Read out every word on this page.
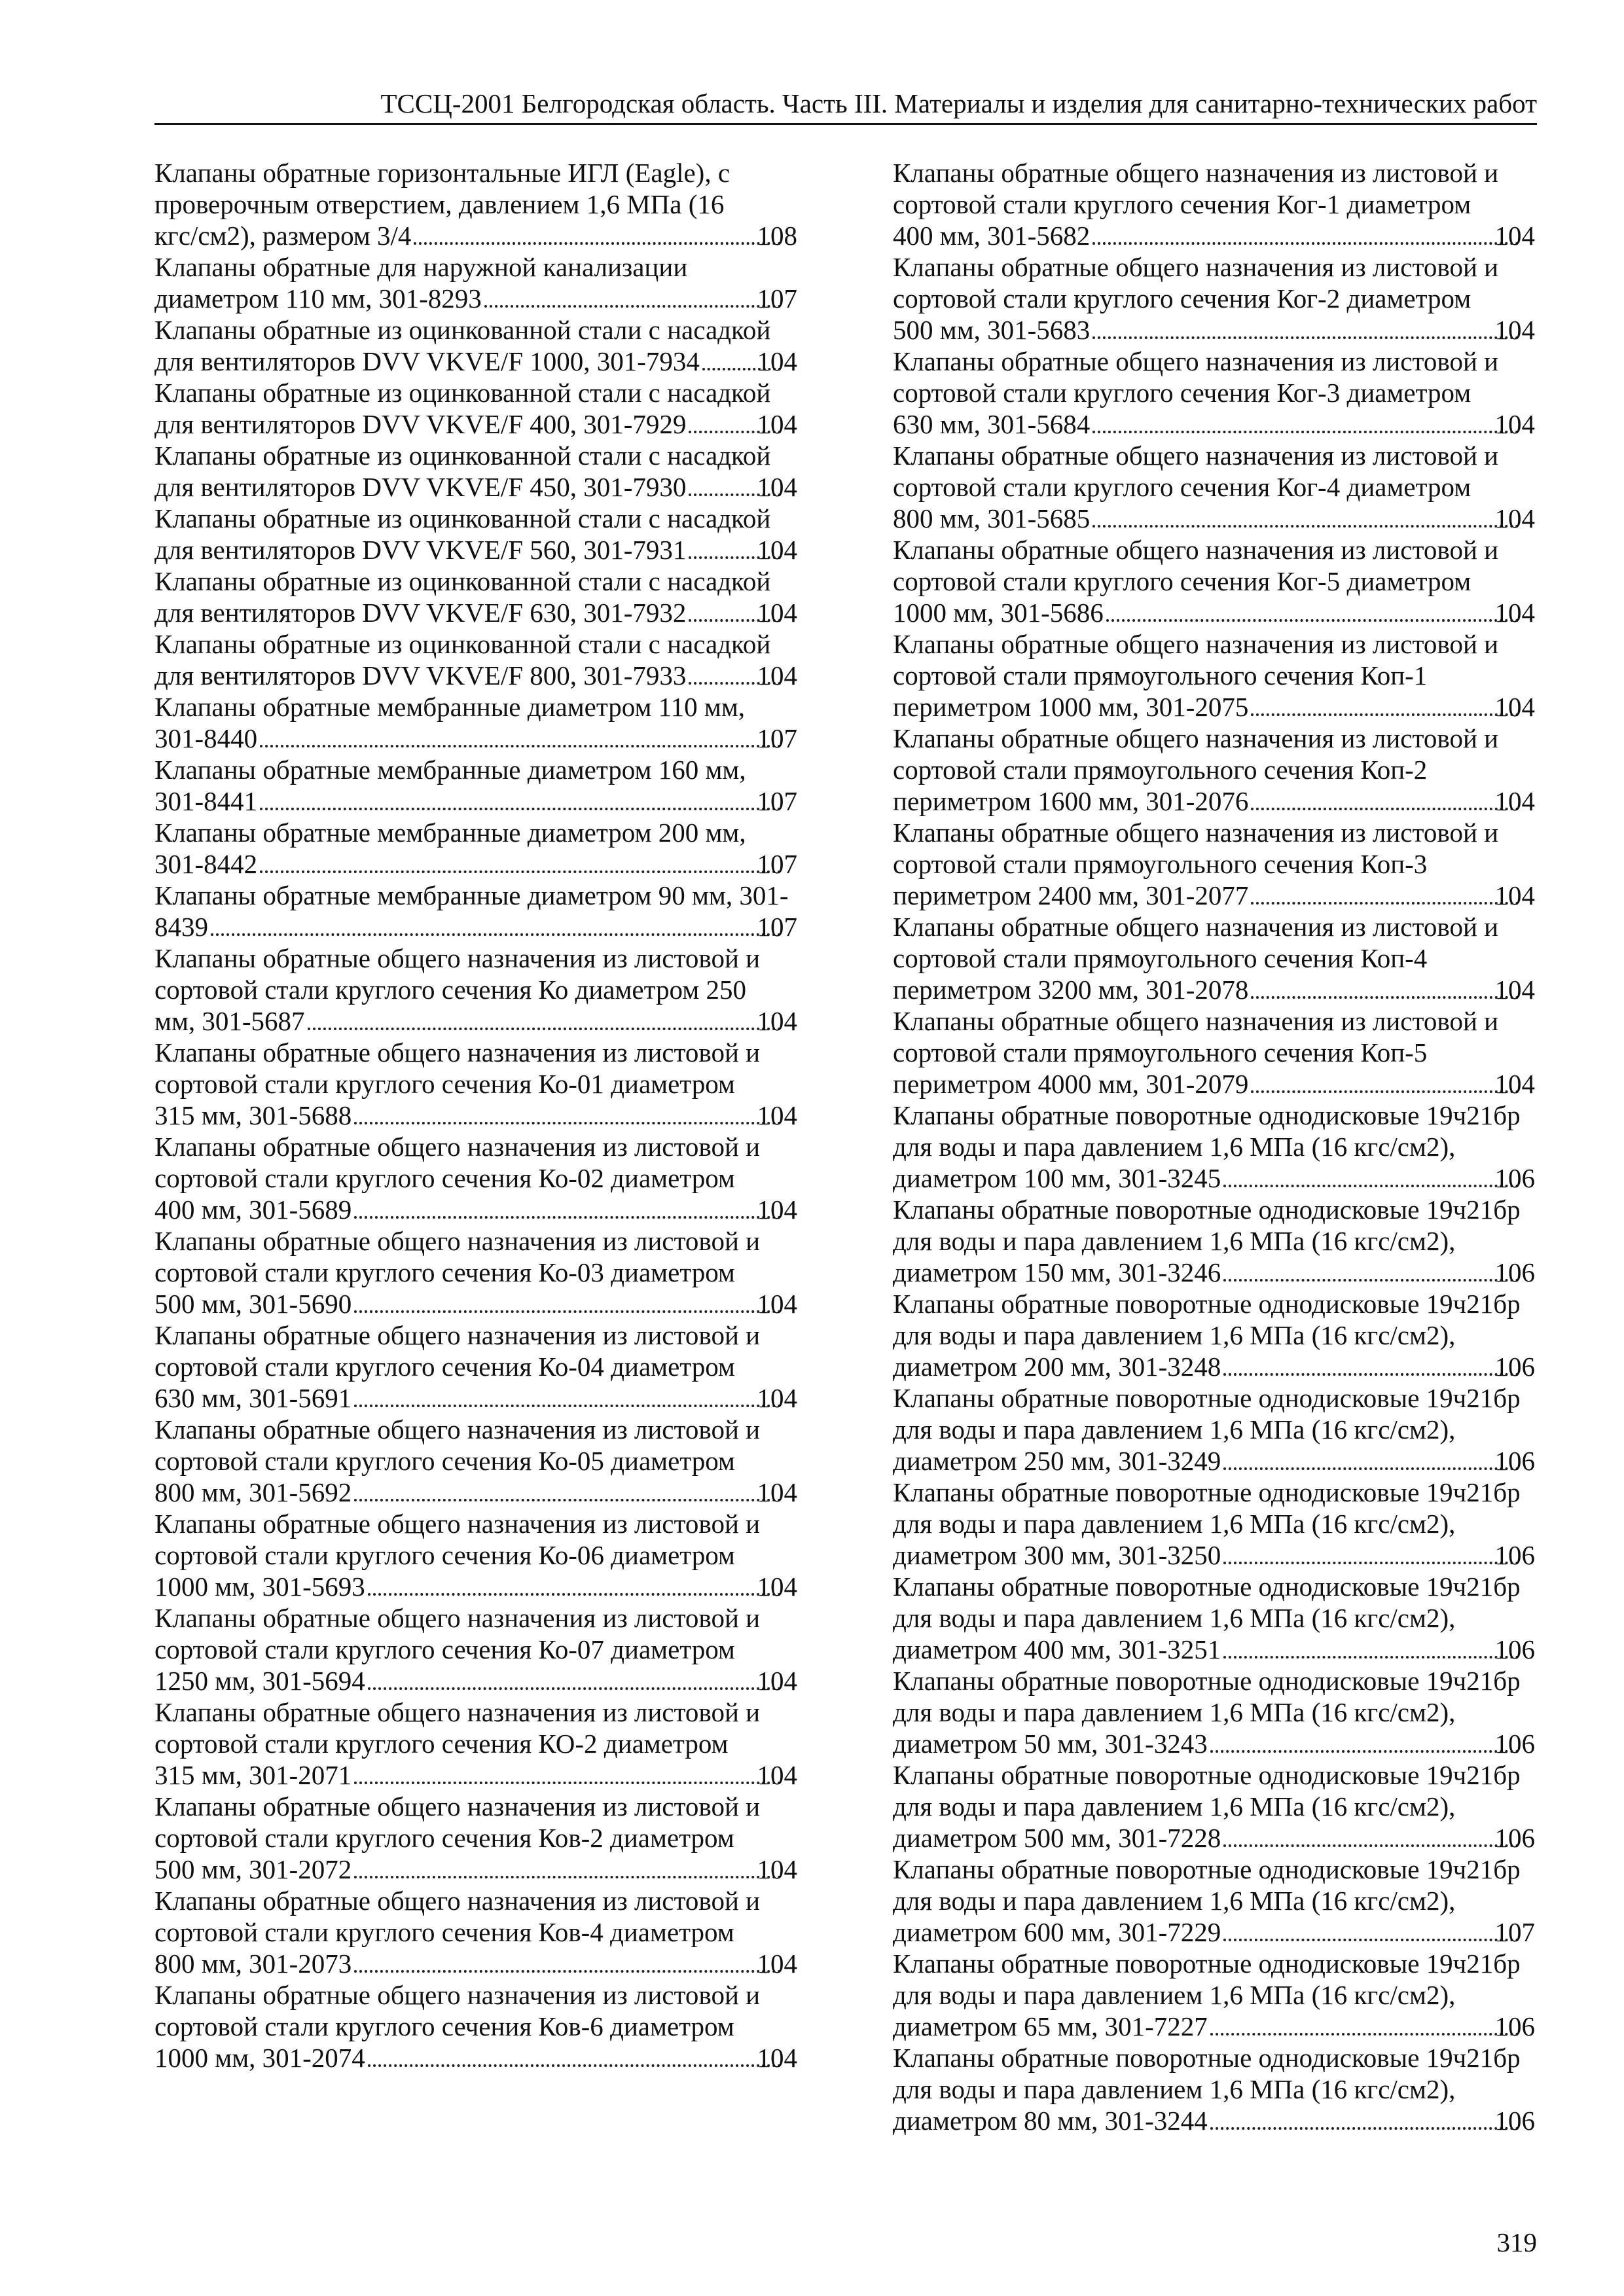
ТССЦ-2001 Белгородская область. Часть III. Материалы и изделия для санитарно-технических работ
Клапаны обратные горизонтальные ИГЛ (Eagle), с
проверочным отверстием, давлением 1,6 МПа (16
кгс/см2), размером 3/4	108
Клапаны обратные для наружной канализации
диаметром 110 мм, 301-8293	107
Клапаны обратные из оцинкованной стали с насадкой
для вентиляторов DVV VKVE/F 1000, 301-7934 104
Клапаны обратные из оцинкованной стали с насадкой
для вентиляторов DVV VKVE/F 400, 301-7929	104
Клапаны обратные из оцинкованной стали с насадкой
для вентиляторов DVV VKVE/F 450, 301-7930	104
Клапаны обратные из оцинкованной стали с насадкой
для вентиляторов DVV VKVE/F 560, 301-7931	104
Клапаны обратные из оцинкованной стали с насадкой
для вентиляторов DVV VKVE/F 630, 301-7932	104
Клапаны обратные из оцинкованной стали с насадкой
для вентиляторов DVV VKVE/F 800, 301-7933	104
Клапаны обратные мембранные диаметром 110 мм,
301-8440	107
Клапаны обратные мембранные диаметром 160 мм,
301-8441	107
Клапаны обратные мембранные диаметром 200 мм,
301-8442	107
Клапаны обратные мембранные диаметром 90 мм, 301-
8439	107
Клапаны обратные общего назначения из листовой и
сортовой стали круглого сечения Ко диаметром 250
мм, 301-5687	104
Клапаны обратные общего назначения из листовой и
сортовой стали круглого сечения Ко-01 диаметром
315 мм, 301-5688	104
Клапаны обратные общего назначения из листовой и
сортовой стали круглого сечения Ко-02 диаметром
400 мм, 301-5689	104
Клапаны обратные общего назначения из листовой и
сортовой стали круглого сечения Ко-03 диаметром
500 мм, 301-5690	104
Клапаны обратные общего назначения из листовой и
сортовой стали круглого сечения Ко-04 диаметром
630 мм, 301-5691	104
Клапаны обратные общего назначения из листовой и
сортовой стали круглого сечения Ко-05 диаметром
800 мм, 301-5692	104
Клапаны обратные общего назначения из листовой и
сортовой стали круглого сечения Ко-06 диаметром
1000 мм, 301-5693	104
Клапаны обратные общего назначения из листовой и
сортовой стали круглого сечения Ко-07 диаметром
1250 мм, 301-5694	104
Клапаны обратные общего назначения из листовой и
сортовой стали круглого сечения КО-2 диаметром
315 мм, 301-2071	104
Клапаны обратные общего назначения из листовой и
сортовой стали круглого сечения Ков-2 диаметром
500 мм, 301-2072	104
Клапаны обратные общего назначения из листовой и
сортовой стали круглого сечения Ков-4 диаметром
800 мм, 301-2073	104
Клапаны обратные общего назначения из листовой и
сортовой стали круглого сечения Ков-6 диаметром
1000 мм, 301-2074	104
Клапаны обратные общего назначения из листовой и
сортовой стали круглого сечения Ког-1 диаметром
400 мм, 301-5682	104
Клапаны обратные общего назначения из листовой и
сортовой стали круглого сечения Ког-2 диаметром
500 мм, 301-5683	104
Клапаны обратные общего назначения из листовой и
сортовой стали круглого сечения Ког-3 диаметром
630 мм, 301-5684	104
Клапаны обратные общего назначения из листовой и
сортовой стали круглого сечения Ког-4 диаметром
800 мм, 301-5685	104
Клапаны обратные общего назначения из листовой и
сортовой стали круглого сечения Ког-5 диаметром
1000 мм, 301-5686	104
Клапаны обратные общего назначения из листовой и
сортовой стали прямоугольного сечения Коп-1
периметром 1000 мм, 301-2075	104
Клапаны обратные общего назначения из листовой и
сортовой стали прямоугольного сечения Коп-2
периметром 1600 мм, 301-2076	104
Клапаны обратные общего назначения из листовой и
сортовой стали прямоугольного сечения Коп-3
периметром 2400 мм, 301-2077	104
Клапаны обратные общего назначения из листовой и
сортовой стали прямоугольного сечения Коп-4
периметром 3200 мм, 301-2078	104
Клапаны обратные общего назначения из листовой и
сортовой стали прямоугольного сечения Коп-5
периметром 4000 мм, 301-2079	104
Клапаны обратные поворотные однодисковые 19ч21бр
для воды и пара давлением 1,6 МПа (16 кгс/см2),
диаметром 100 мм, 301-3245	106
Клапаны обратные поворотные однодисковые 19ч21бр
для воды и пара давлением 1,6 МПа (16 кгс/см2),
диаметром 150 мм, 301-3246	106
Клапаны обратные поворотные однодисковые 19ч21бр
для воды и пара давлением 1,6 МПа (16 кгс/см2),
диаметром 200 мм, 301-3248	106
Клапаны обратные поворотные однодисковые 19ч21бр
для воды и пара давлением 1,6 МПа (16 кгс/см2),
диаметром 250 мм, 301-3249	106
Клапаны обратные поворотные однодисковые 19ч21бр
для воды и пара давлением 1,6 МПа (16 кгс/см2),
диаметром 300 мм, 301-3250	106
Клапаны обратные поворотные однодисковые 19ч21бр
для воды и пара давлением 1,6 МПа (16 кгс/см2),
диаметром 400 мм, 301-3251	106
Клапаны обратные поворотные однодисковые 19ч21бр
для воды и пара давлением 1,6 МПа (16 кгс/см2),
диаметром 50 мм, 301-3243	106
Клапаны обратные поворотные однодисковые 19ч21бр
для воды и пара давлением 1,6 МПа (16 кгс/см2),
диаметром 500 мм, 301-7228	106
Клапаны обратные поворотные однодисковые 19ч21бр
для воды и пара давлением 1,6 МПа (16 кгс/см2),
диаметром 600 мм, 301-7229	107
Клапаны обратные поворотные однодисковые 19ч21бр
для воды и пара давлением 1,6 МПа (16 кгс/см2),
диаметром 65 мм, 301-7227	106
Клапаны обратные поворотные однодисковые 19ч21бр
для воды и пара давлением 1,6 МПа (16 кгс/см2),
диаметром 80 мм, 301-3244	106
319
